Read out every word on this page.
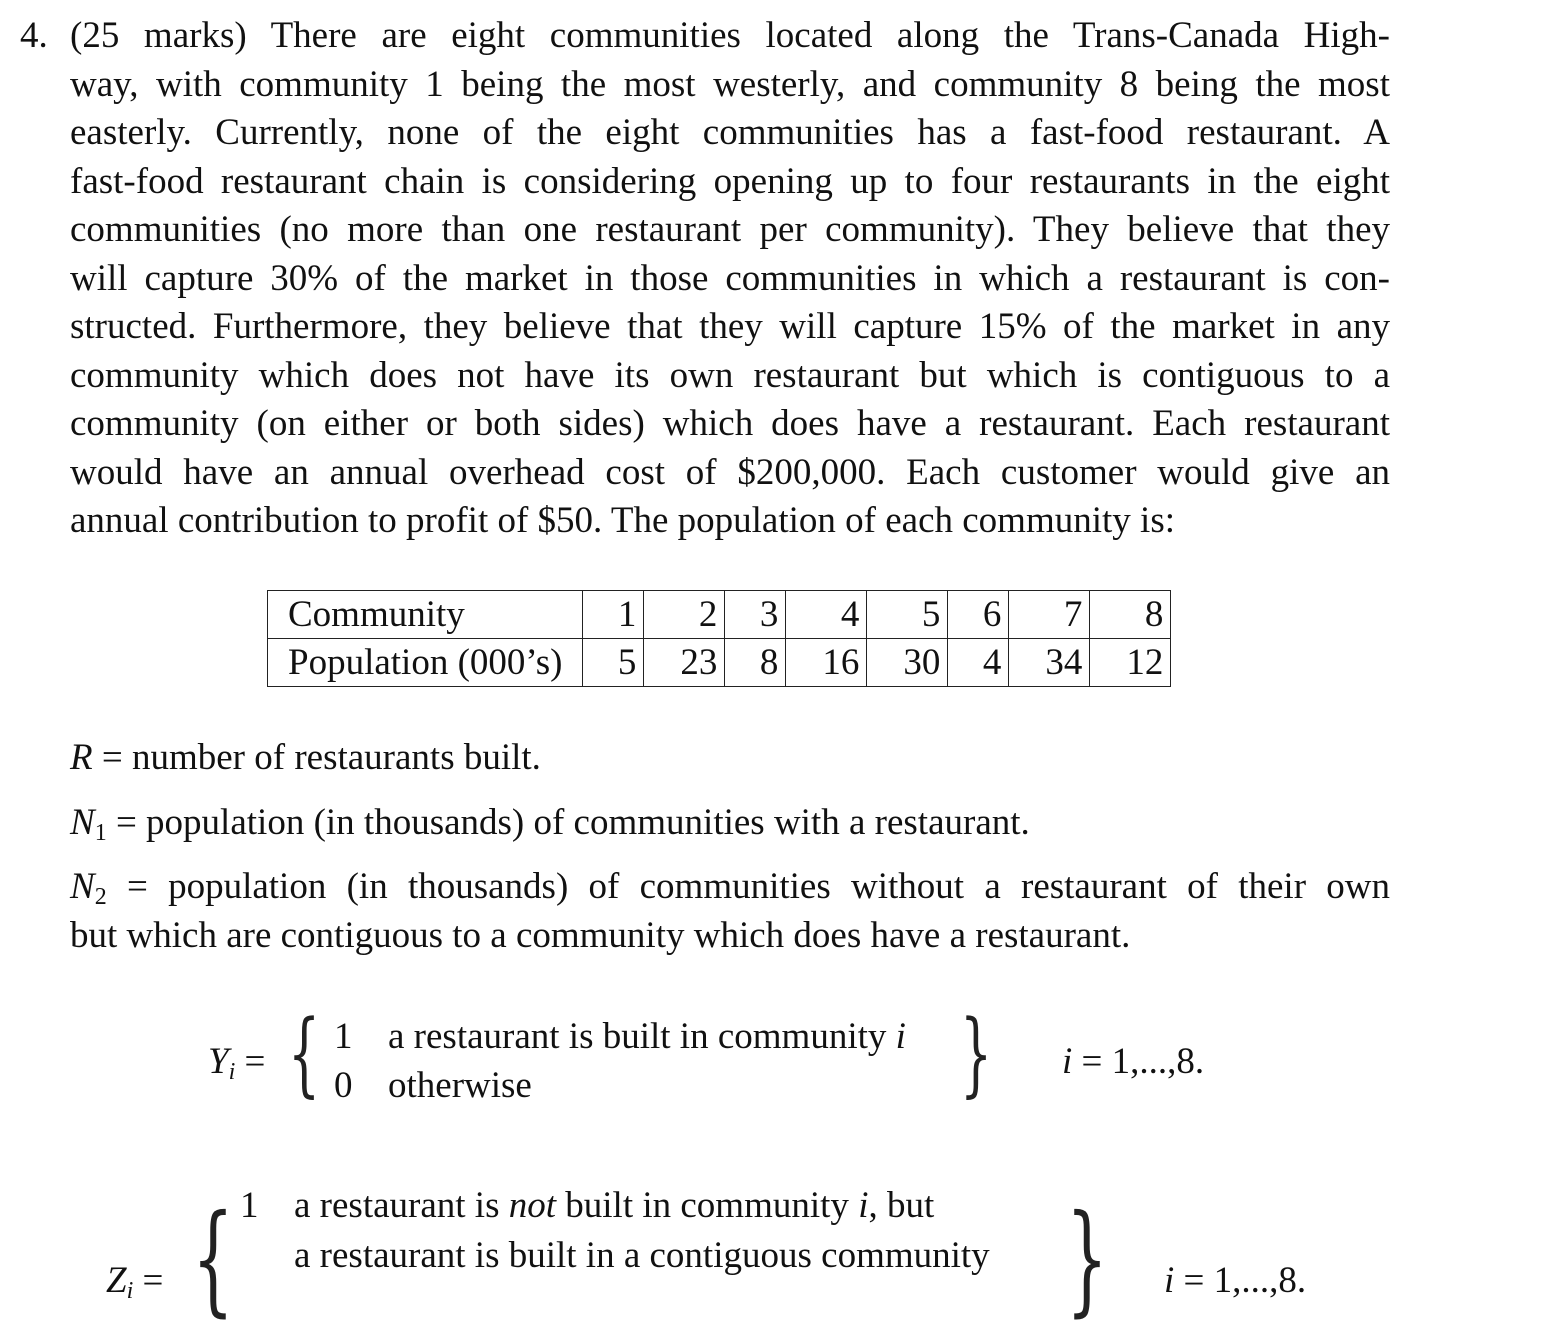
4. (25 marks) There are eight communities located along the Trans-Canada High-
way, with community 1 being the most westerly, and community 8 being the most
easterly. Currently, none of the eight communities has a fast-food restaurant. A
fast-food restaurant chain is considering opening up to four restaurants in the eight
communities (no more than one restaurant per community). They believe that they
will capture 30% of the market in those communities in which a restaurant is con-
structed. Furthermore, they believe that they will capture 15% of the market in any
community which does not have its own restaurant but which is contiguous to a
community (on either or both sides) which does have a restaurant. Each restaurant
would have an annual overhead cost of $200,000. Each customer would give an
annual contribution to profit of $50. The population of each community is:
Community	1	2	3	4	5	6	7	8
Population (000’s)	5	23	8	16	30	4	34	12
R = number of restaurants built.
$N_1$ = population (in thousands) of communities with a restaurant.
$N_2$ = population (in thousands) of communities without a restaurant of their own
but which are contiguous to a community which does have a restaurant.
$Y_i$ = { 1 a restaurant is built in community i
0 otherwise	} i = 1,...,8.
$Z_i$ = { 1 a restaurant is not built in community i, but
a restaurant is built in a contiguous community } i = 1,...,8.
